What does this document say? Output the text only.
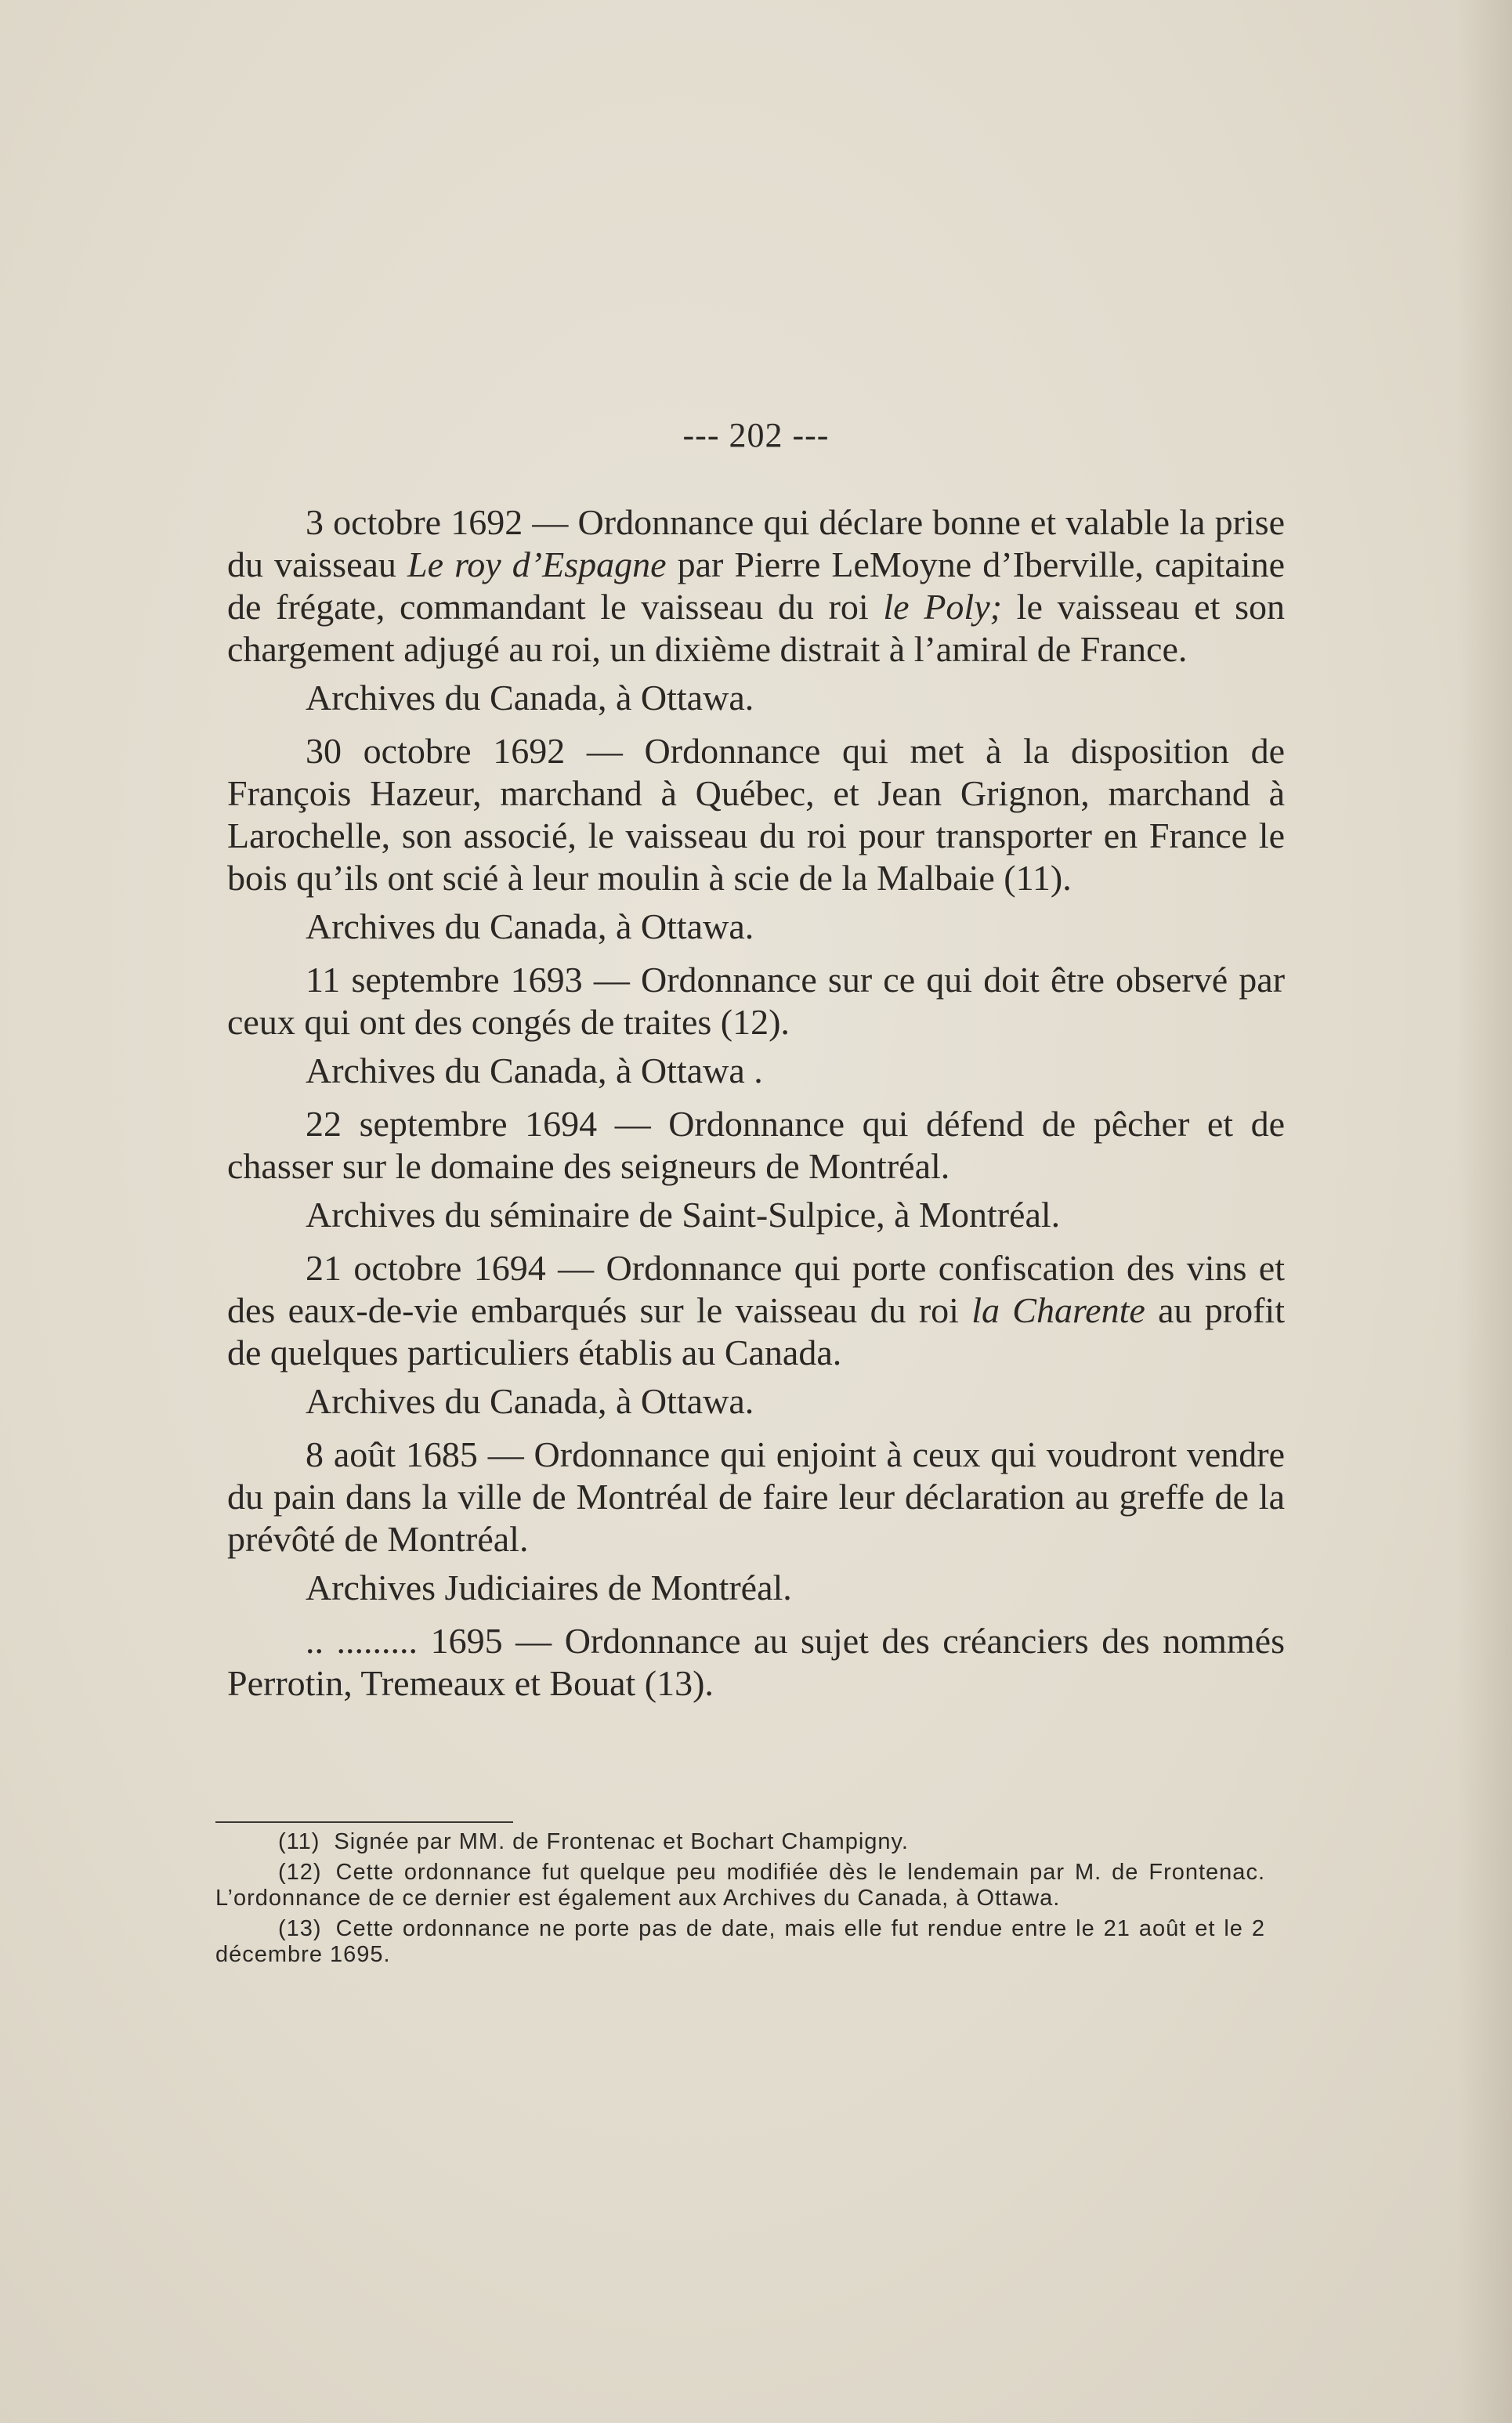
--- 202 ---

3 octobre 1692 — Ordonnance qui déclare bonne et valable la prise du vaisseau Le roy d’Espagne par Pierre LeMoyne d’Iberville, capitaine de frégate, commandant le vaisseau du roi le Poly; le vaisseau et son chargement adjugé au roi, un dixième distrait à l’amiral de France.

Archives du Canada, à Ottawa.

30 octobre 1692 — Ordonnance qui met à la disposition de François Hazeur, marchand à Québec, et Jean Grignon, marchand à Larochelle, son associé, le vaisseau du roi pour transporter en France le bois qu’ils ont scié à leur moulin à scie de la Malbaie (11).

Archives du Canada, à Ottawa.

11 septembre 1693 — Ordonnance sur ce qui doit être observé par ceux qui ont des congés de traites (12).

Archives du Canada, à Ottawa .

22 septembre 1694 — Ordonnance qui défend de pêcher et de chasser sur le domaine des seigneurs de Montréal.

Archives du séminaire de Saint-Sulpice, à Montréal.

21 octobre 1694 — Ordonnance qui porte confiscation des vins et des eaux-de-vie embarqués sur le vaisseau du roi la Charente au profit de quelques particuliers établis au Canada.

Archives du Canada, à Ottawa.

8 août 1685 — Ordonnance qui enjoint à ceux qui voudront vendre du pain dans la ville de Montréal de faire leur déclaration au greffe de la prévôté de Montréal.

Archives Judiciaires de Montréal.

.. ......... 1695 — Ordonnance au sujet des créanciers des nommés Perrotin, Tremeaux et Bouat (13).

(11) Signée par MM. de Frontenac et Bochart Champigny.

(12) Cette ordonnance fut quelque peu modifiée dès le lendemain par M. de Frontenac. L’ordonnance de ce dernier est également aux Archives du Canada, à Ottawa.

(13) Cette ordonnance ne porte pas de date, mais elle fut rendue entre le 21 août et le 2 décembre 1695.
